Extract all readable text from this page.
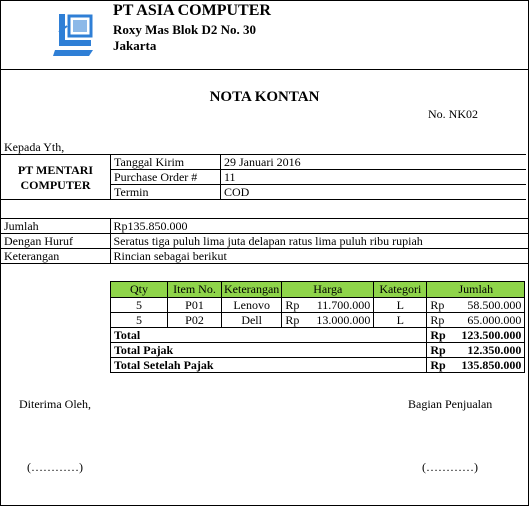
PT ASIA COMPUTER
Roxy Mas Blok D2 No. 30
Jakarta
NOTA KONTAN
No. NK02
Kepada Yth,
PT MENTARI
COMPUTER
Tanggal Kirim	29 Januari 2016
Purchase Order #	11
Termin	COD
Jumlah	Rp135.850.000
Dengan Huruf	Seratus tiga puluh lima juta delapan ratus lima puluh ribu rupiah
Keterangan	Rincian sebagai berikut
Qty	Item No.	Keterangan	Harga	Kategori	Jumlah
5	P01	Lenovo	Rp 11.700.000	L	Rp 58.500.000

5	P02	Dell	Rp 13.000.000	L	Rp 65.000.000

Total					Rp 123.500.000

Total Pajak					Rp 12.350.000

Total Setelah Pajak					Rp 135.850.000
Diterima Oleh,	Bagian Penjualan
(…………)	(…………)
